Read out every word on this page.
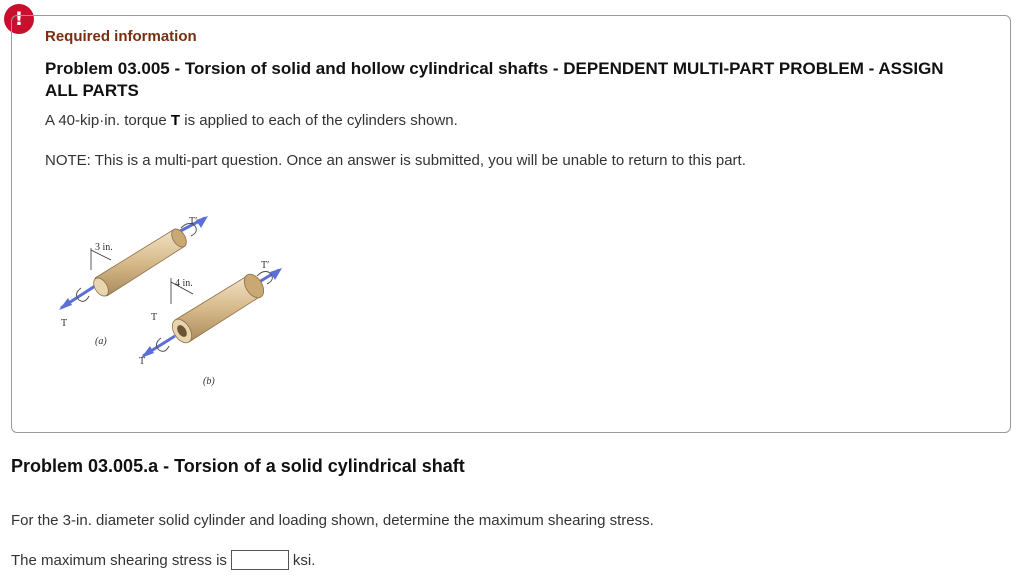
!
Required information
Problem 03.005 - Torsion of solid and hollow cylindrical shafts - DEPENDENT MULTI-PART PROBLEM - ASSIGN ALL PARTS
A 40-kip·in. torque T is applied to each of the cylinders shown.
NOTE: This is a multi-part question. Once an answer is submitted, you will be unable to return to this part.
3 in.
T
T′
(a)
4 in.
T
T
T′
(b)
Problem 03.005.a - Torsion of a solid cylindrical shaft
For the 3-in. diameter solid cylinder and loading shown, determine the maximum shearing stress.
The maximum shearing stress is	ksi.
